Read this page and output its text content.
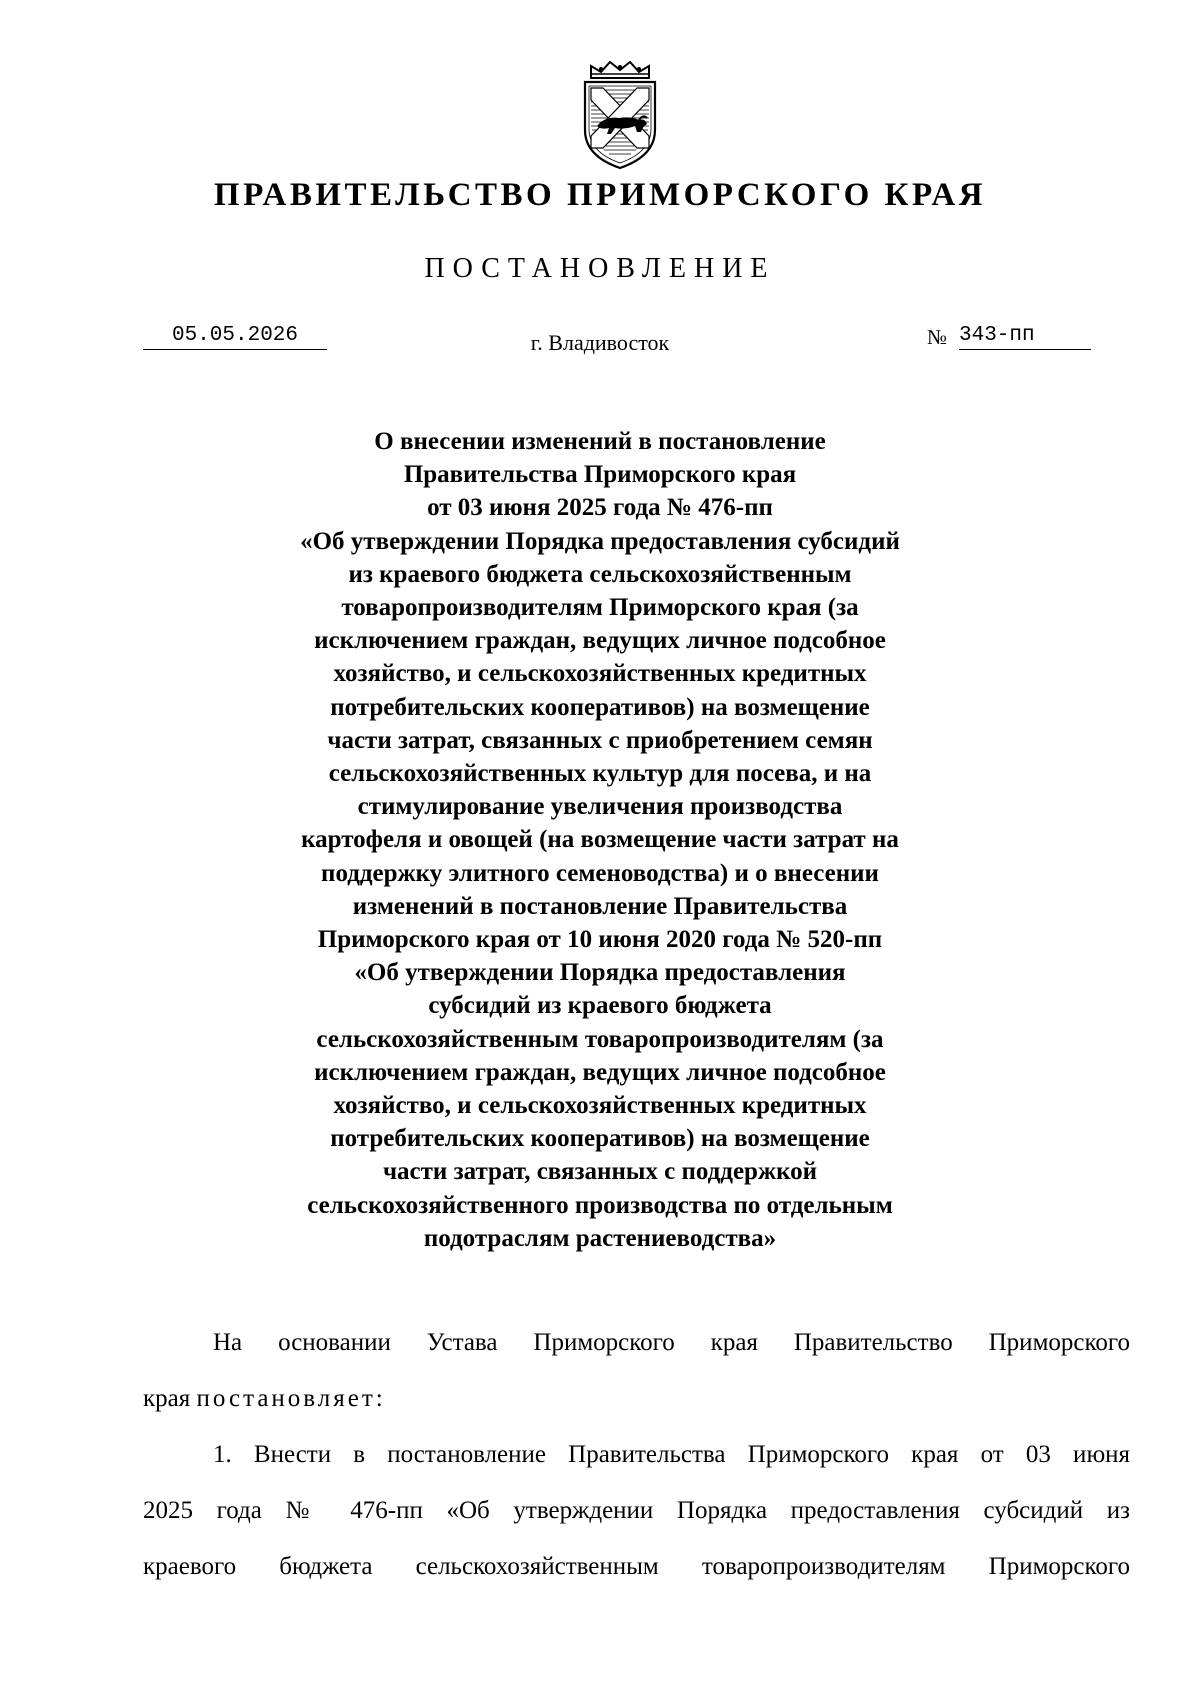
ПРАВИТЕЛЬСТВО ПРИМОРСКОГО КРАЯ
ПОСТАНОВЛЕНИЕ
05.05.2026	г. Владивосток	№ 343-пп
О внесении изменений в постановление
Правительства Приморского края
от 03 июня 2025 года № 476-пп
«Об утверждении Порядка предоставления субсидий
из краевого бюджета сельскохозяйственным
товаропроизводителям Приморского края (за
исключением граждан, ведущих личное подсобное
хозяйство, и сельскохозяйственных кредитных
потребительских кооперативов) на возмещение
части затрат, связанных с приобретением семян
сельскохозяйственных культур для посева, и на
стимулирование увеличения производства
картофеля и овощей (на возмещение части затрат на
поддержку элитного семеноводства) и о внесении
изменений в постановление Правительства
Приморского края от 10 июня 2020 года № 520-пп
«Об утверждении Порядка предоставления
субсидий из краевого бюджета
сельскохозяйственным товаропроизводителям (за
исключением граждан, ведущих личное подсобное
хозяйство, и сельскохозяйственных кредитных
потребительских кооперативов) на возмещение
части затрат, связанных с поддержкой
сельскохозяйственного производства по отдельным
подотраслям растениеводства»
На основании Устава Приморского края Правительство Приморского
края постановляет:
1. Внести в постановление Правительства Приморского края от 03 июня
2025 года № 476-пп «Об утверждении Порядка предоставления субсидий из
краевого бюджета сельскохозяйственным товаропроизводителям Приморского
